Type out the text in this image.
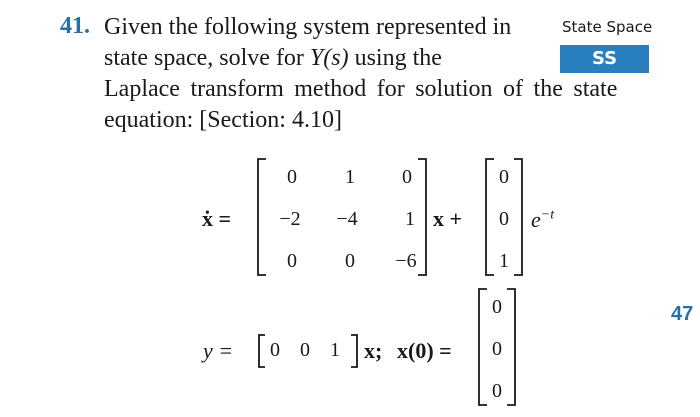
41. Given the following system represented in
state space, solve for Y(s) using the
Laplace transform method for solution of the state
equation: [Section: 4.10]
State Space
SS
47
ẋ =
0	1	0
−2	−4	1
0	0	−6
x +
0
0
1
$e^{-t}$
y =	0	0	1	x; x(0) =
0
0
0
